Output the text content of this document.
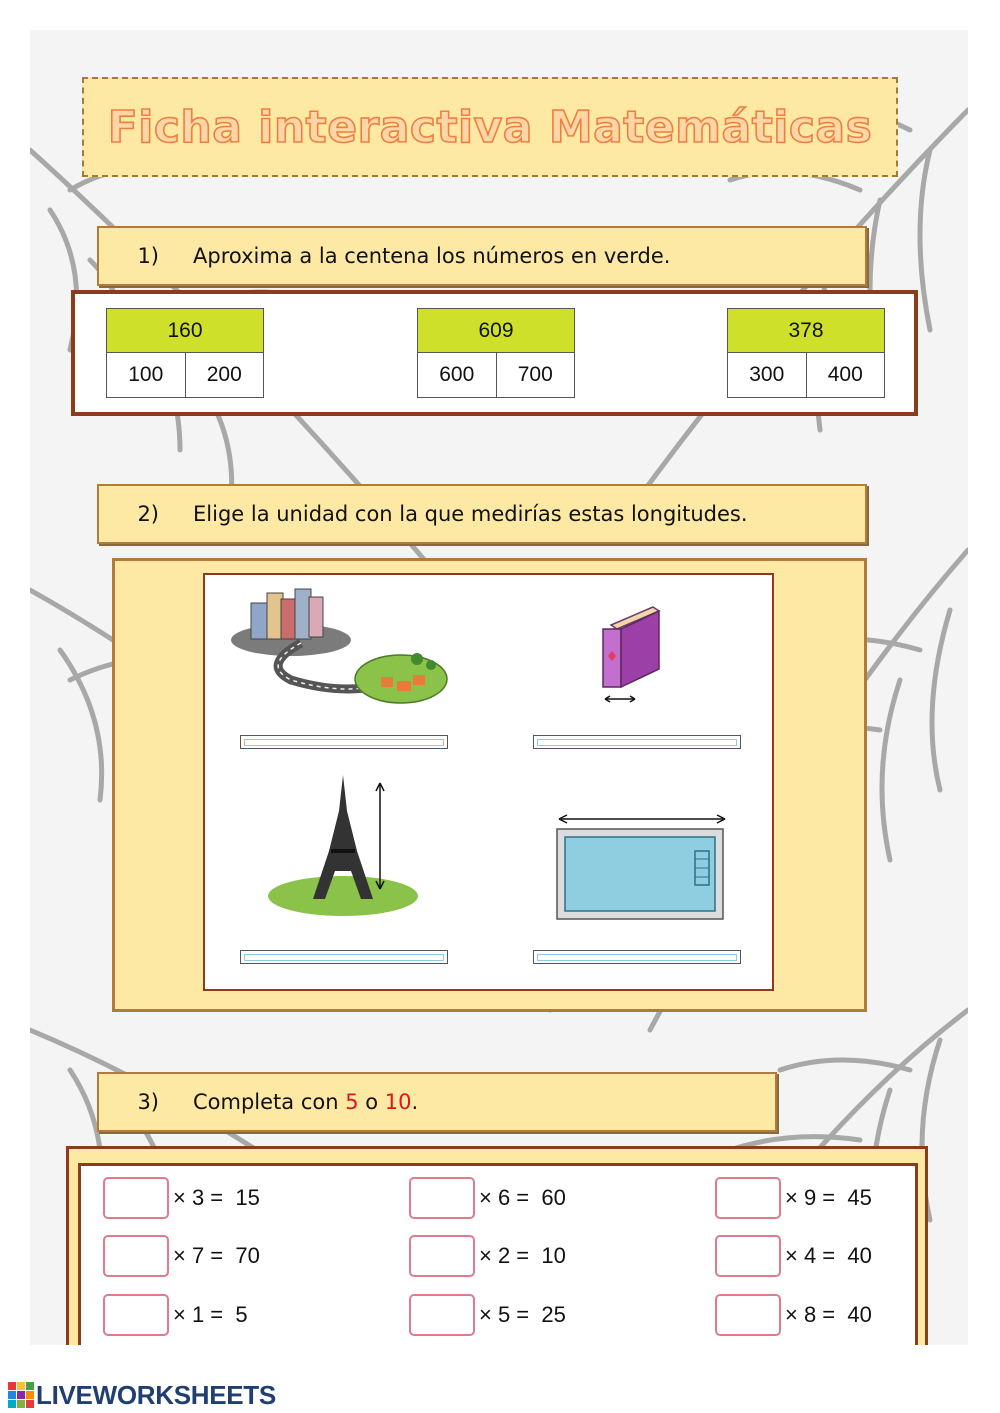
Ficha interactiva Matemáticas
1) Aproxima a la centena los números en verde.
160
100	200
609
600	700
378
300	400
2) Elige la unidad con la que medirías estas longitudes.
3) Completa con 5 o 10.
× 3 =  15	× 6 =  60	× 9 =  45
× 7 =  70	× 2 =  10	× 4 =  40
× 1 =  5	× 5 =  25	× 8 =  40
LIVEWORKSHEETS
